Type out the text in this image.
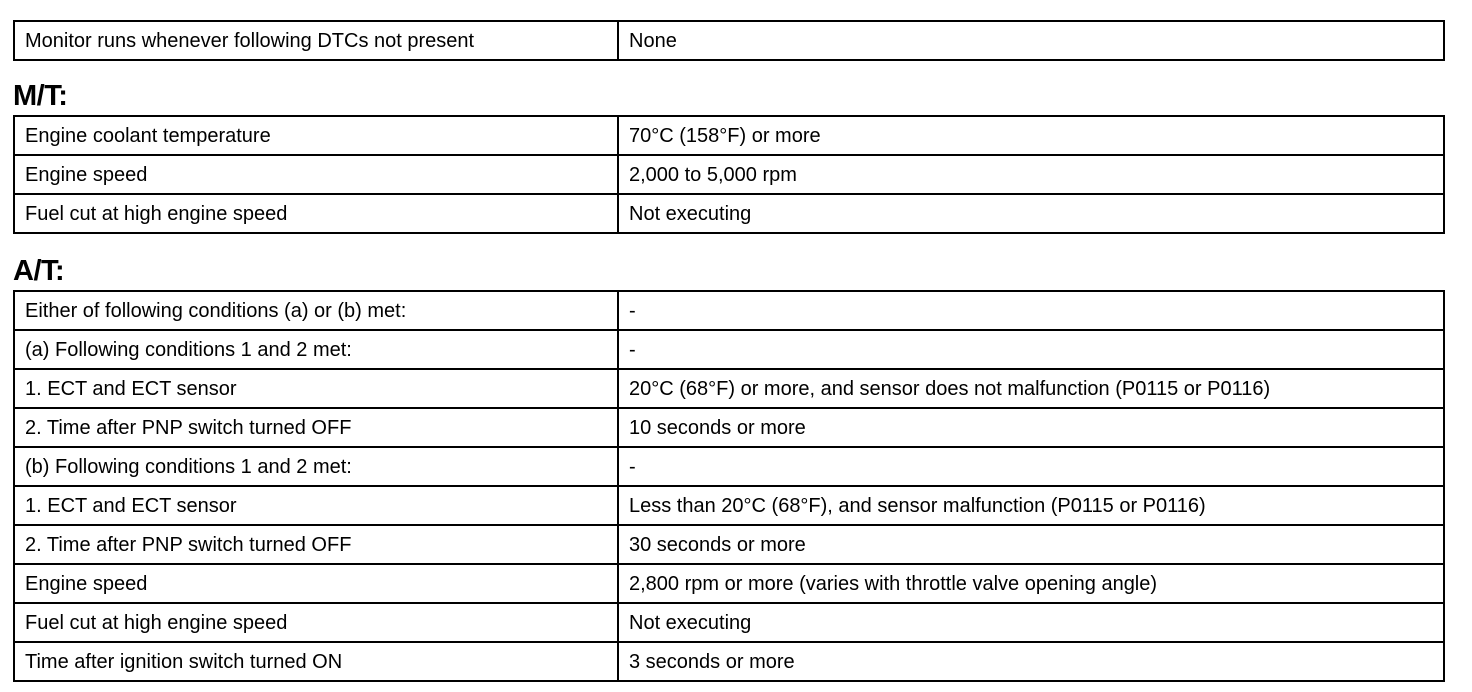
Monitor runs whenever following DTCs not present	None
M/T:
Engine coolant temperature	70°C (158°F) or more
Engine speed	2,000 to 5,000 rpm
Fuel cut at high engine speed	Not executing
A/T:
Either of following conditions (a) or (b) met:	-
(a) Following conditions 1 and 2 met:	-
1. ECT and ECT sensor	20°C (68°F) or more, and sensor does not malfunction (P0115 or P0116)
2. Time after PNP switch turned OFF	10 seconds or more
(b) Following conditions 1 and 2 met:	-
1. ECT and ECT sensor	Less than 20°C (68°F), and sensor malfunction (P0115 or P0116)
2. Time after PNP switch turned OFF	30 seconds or more
Engine speed	2,800 rpm or more (varies with throttle valve opening angle)
Fuel cut at high engine speed	Not executing
Time after ignition switch turned ON	3 seconds or more
